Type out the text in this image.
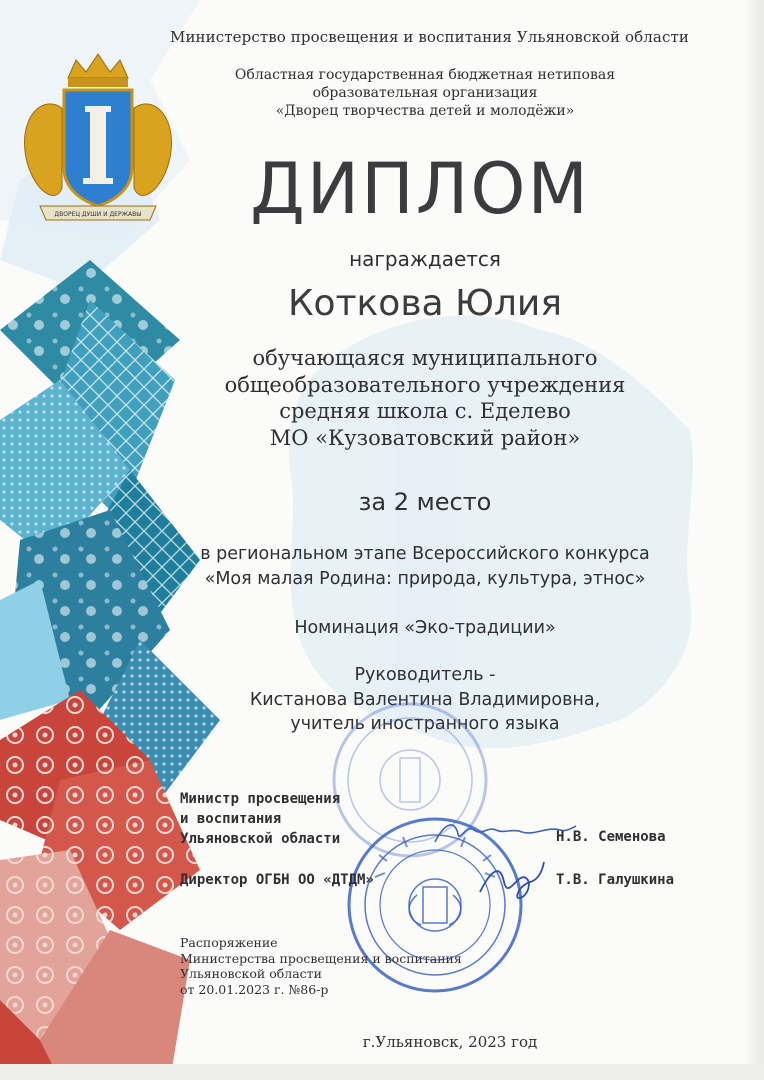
ДВОРЕЦ ДУШИ И ДЕРЖАВЫ
Министерство просвещения и воспитания Ульяновской области
Областная государственная бюджетная нетиповая
образовательная организация
«Дворец творчества детей и молодёжи»
ДИПЛОМ
награждается
Коткова Юлия
обучающаяся муниципального
общеобразовательного учреждения
средняя школа с. Еделево
МО «Кузоватовский район»
за 2 место
в региональном этапе Всероссийского конкурса
«Моя малая Родина: природа, культура, этнос»
Номинация «Эко-традиции»
Руководитель -
Кистанова Валентина Владимировна,
учитель иностранного языка
Министр просвещения
и воспитания
Ульяновской области	Н.В. Семенова
Директор ОГБН ОО «ДТДМ»	Т.В. Галушкина
Распоряжение
Министерства просвещения и воспитания
Ульяновской области
от 20.01.2023 г. №86-р
г.Ульяновск, 2023 год
